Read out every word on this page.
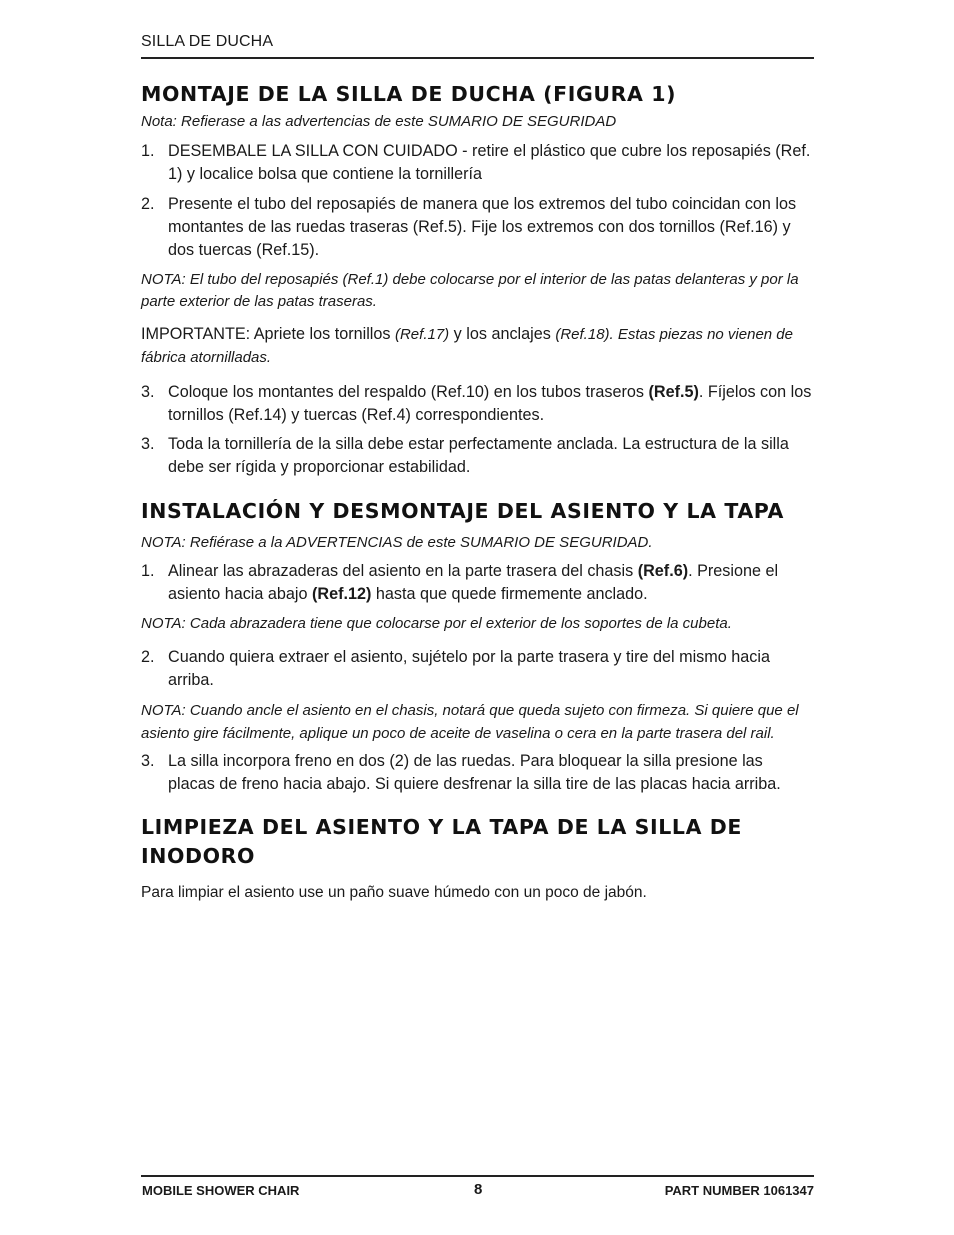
SILLA DE DUCHA
MONTAJE DE LA SILLA DE DUCHA (FIGURA 1)

Nota: Refierase a las advertencias de este SUMARIO DE SEGURIDAD

1. DESEMBALE LA SILLA CON CUIDADO - retire el plástico que cubre los reposapiés (Ref. 1) y localice bolsa que contiene la tornillería
2. Presente el tubo del reposapiés de manera que los extremos del tubo coincidan con los montantes de las ruedas traseras (Ref.5). Fije los extremos con dos tornillos (Ref.16) y dos tuercas (Ref.15).

NOTA: El tubo del reposapiés (Ref.1) debe colocarse por el interior de las patas delanteras y por la parte exterior de las patas traseras.

IMPORTANTE: Apriete los tornillos (Ref.17) y los anclajes (Ref.18). Estas piezas no vienen de fábrica atornilladas.

3. Coloque los montantes del respaldo (Ref.10) en los tubos traseros (Ref.5). Fíjelos con los tornillos (Ref.14) y tuercas (Ref.4) correspondientes.
3. Toda la tornillería de la silla debe estar perfectamente anclada. La estructura de la silla debe ser rígida y proporcionar estabilidad.
INSTALACIÓN Y DESMONTAJE DEL ASIENTO Y LA TAPA

NOTA: Refiérase a la ADVERTENCIAS de este SUMARIO DE SEGURIDAD.

1. Alinear las abrazaderas del asiento en la parte trasera del chasis (Ref.6). Presione el asiento hacia abajo (Ref.12) hasta que quede firmemente anclado.

NOTA: Cada abrazadera tiene que colocarse por el exterior de los soportes de la cubeta.

2. Cuando quiera extraer el asiento, sujételo por la parte trasera y tire del mismo hacia arriba.

NOTA: Cuando ancle el asiento en el chasis, notará que queda sujeto con firmeza. Si quiere que el asiento gire fácilmente, aplique un poco de aceite de vaselina o cera en la parte trasera del rail.

3. La silla incorpora freno en dos (2) de las ruedas. Para bloquear la silla presione las placas de freno hacia abajo. Si quiere desfrenar la silla tire de las placas hacia arriba.
LIMPIEZA DEL ASIENTO Y LA TAPA DE LA SILLA DE INODORO

Para limpiar el asiento use un paño suave húmedo con un poco de jabón.

MOBILE SHOWER CHAIR	8	PART NUMBER 1061347
